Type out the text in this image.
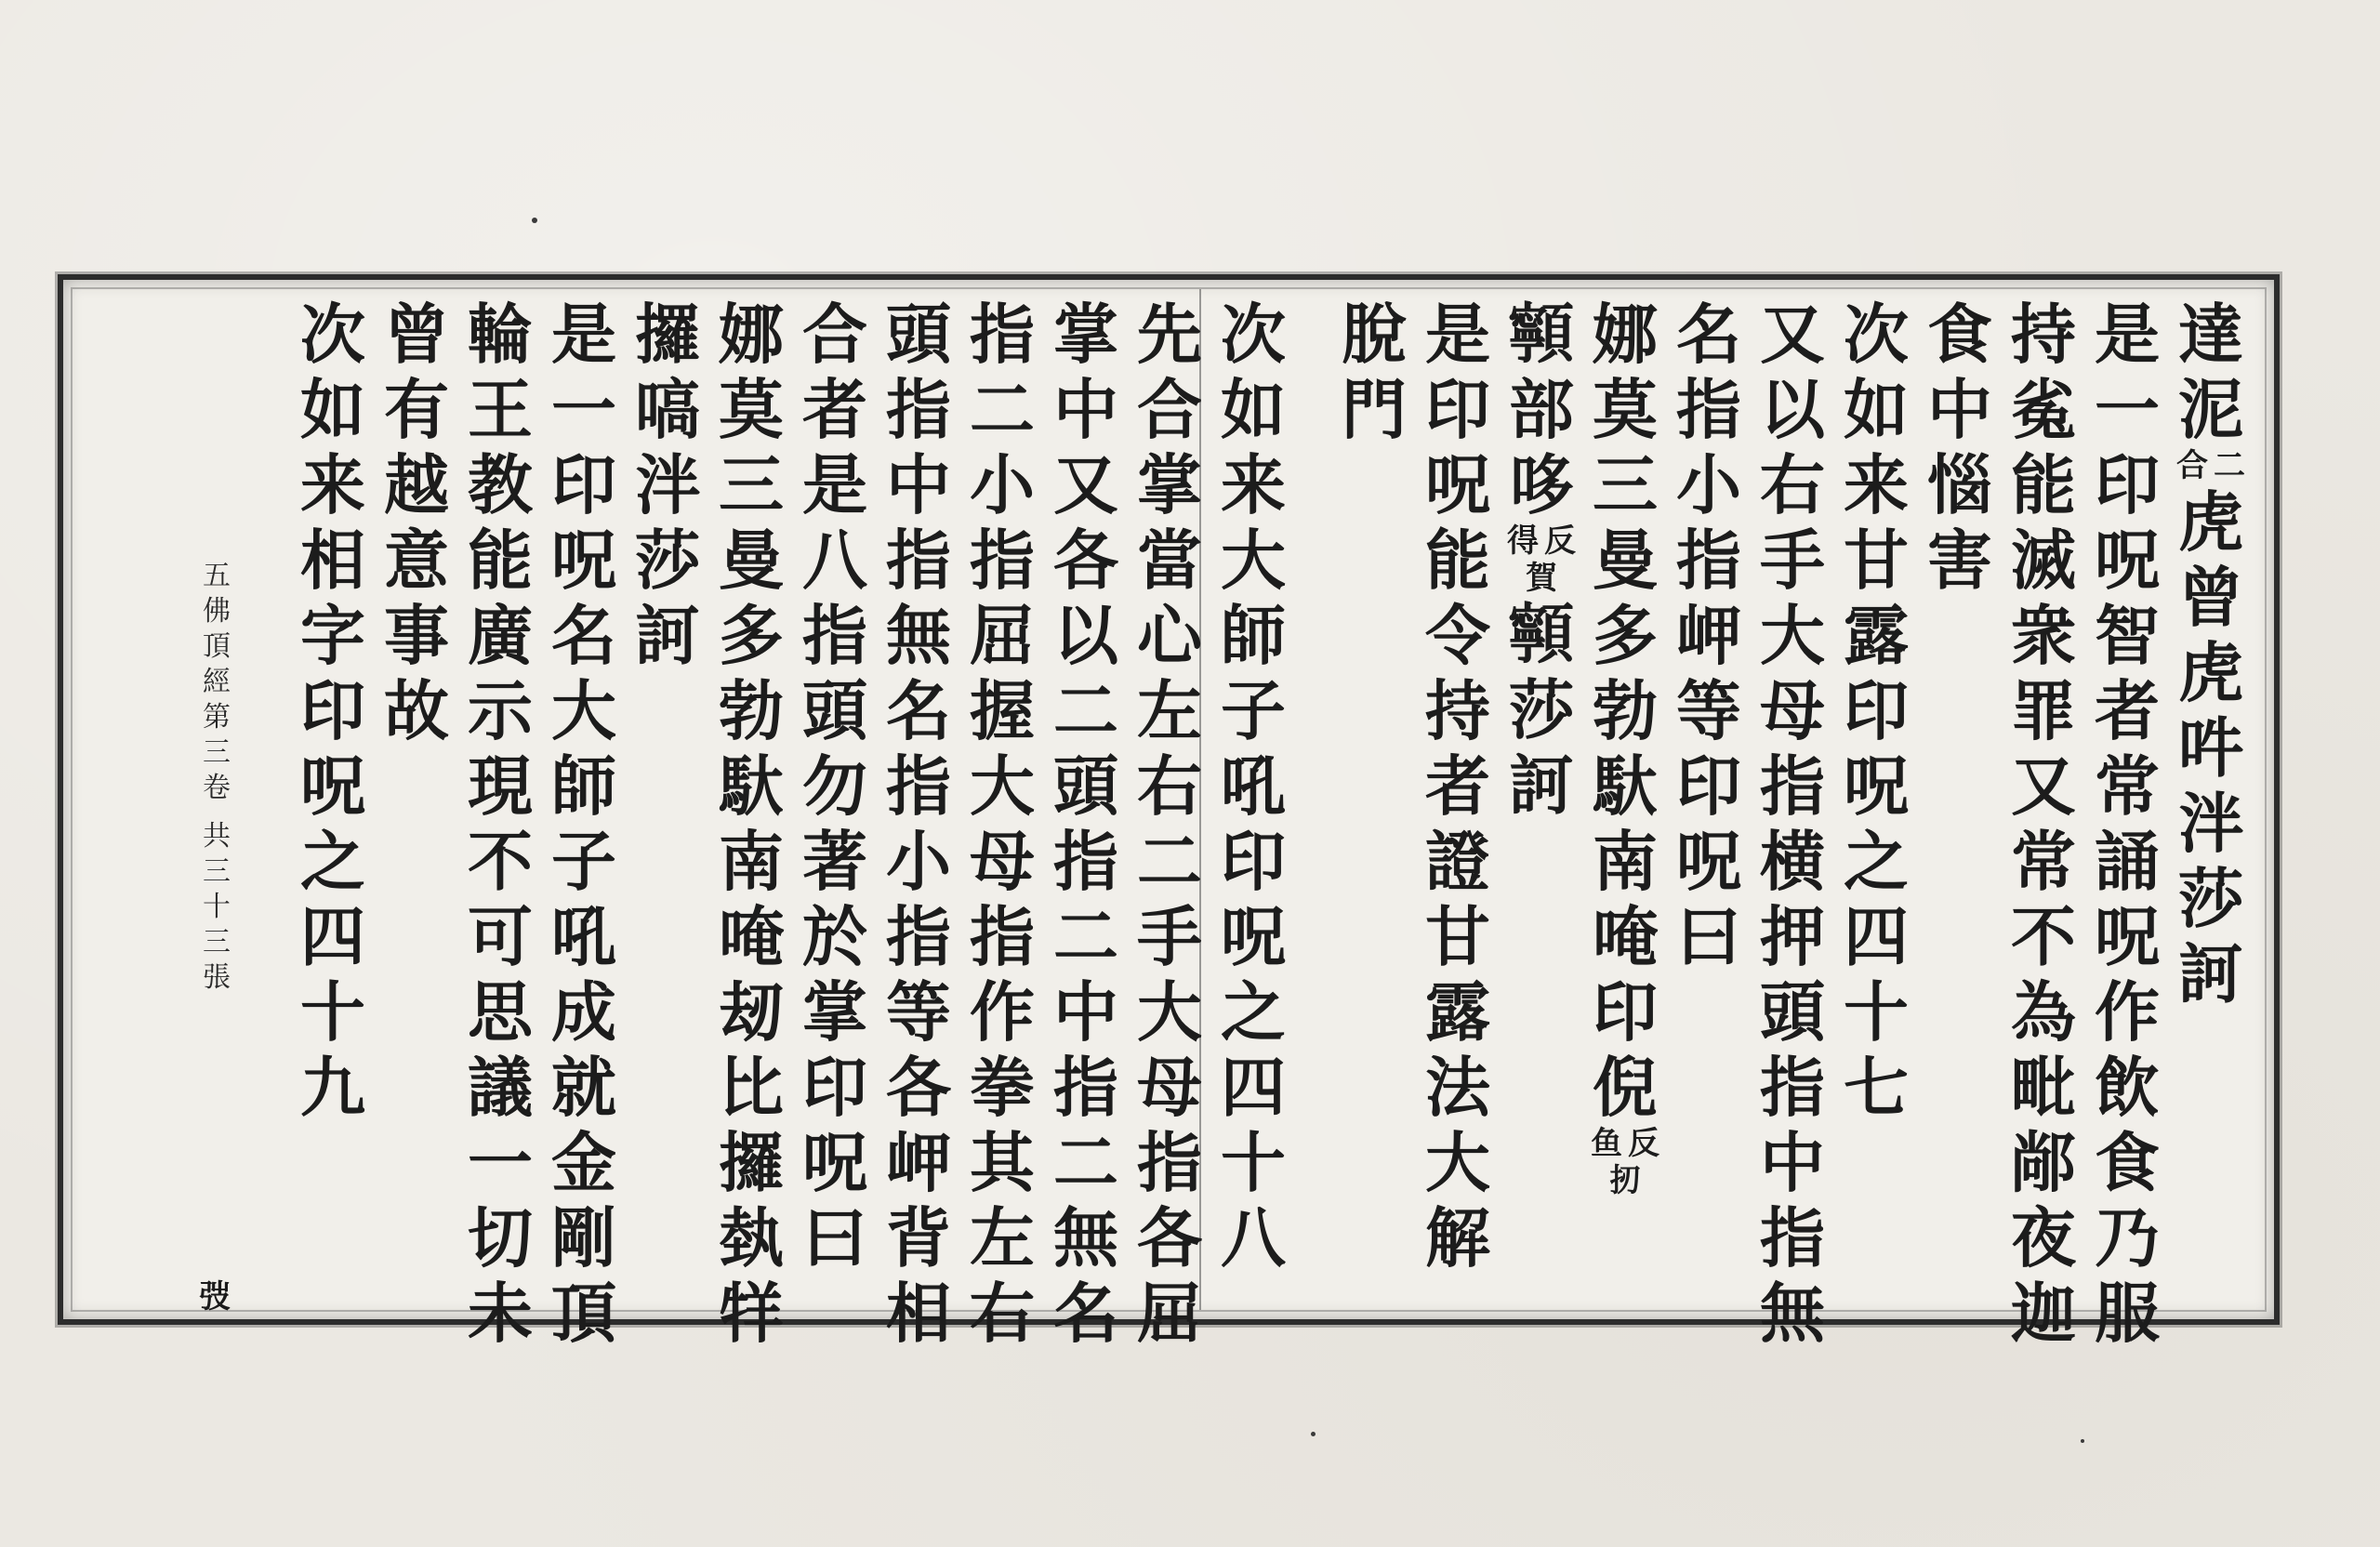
達
泥
二
合
虎
曾
虎
吽
泮
莎
訶
是
一
印
呪
智
者
常
誦
呪
作
飲
食
乃
服
持
㝹
能
滅
衆
罪
又
常
不
為
毗
䣊
夜
迦
食
中
惱
害
次
如
来
甘
露
印
呪
之
四
十
七
又
以
右
手
大
母
指
横
押
頭
指
中
指
無
名
指
小
指
岬
等
印
呪
曰
娜
莫
三
曼
多
勃
馱
南
唵
印
倪
反
鱼
扨
𩕳
部
哆
反
得
賀
𩕳
莎
訶
是
印
呪
能
令
持
者
證
甘
露
法
大
解
脫
門
次
如
来
大
師
子
吼
印
呪
之
四
十
八
先
合
掌
當
心
左
右
二
手
大
母
指
各
屈
掌
中
又
各
以
二
頭
指
二
中
指
二
無
名
指
二
小
指
屈
握
大
母
指
作
拳
其
左
右
頭
指
中
指
無
名
指
小
指
等
各
岬
背
相
合
者
是
八
指
頭
勿
著
於
掌
印
呪
曰
娜
莫
三
曼
多
勃
馱
南
唵
刼
比
攞
埶
䍧
攞
嗃
泮
莎
訶
是
一
印
呪
名
大
師
子
吼
成
就
金
剛
頂
輪
王
教
能
廣
示
現
不
可
思
議
一
切
未
曾
有
越
意
事
故
次
如
来
相
字
印
呪
之
四
十
九
五
佛
頂
經
第
三
卷
共
三
十
三
張
弢
